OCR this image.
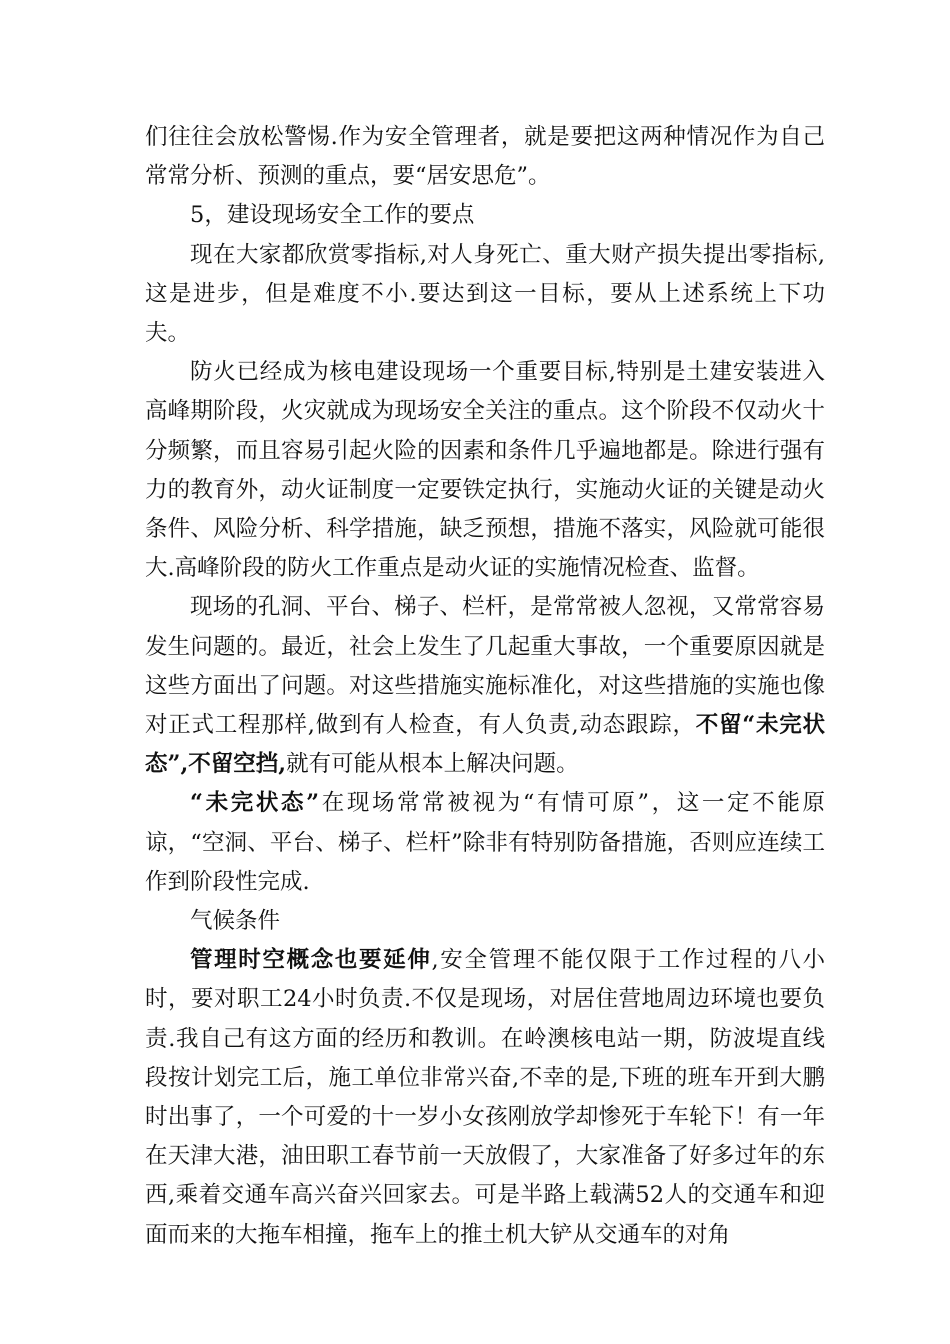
们往往会放松警惕.作为安全管理者，就是要把这两种情况作为自己常常分析、预测的重点，要“居安思危”。

5，建设现场安全工作的要点

现在大家都欣赏零指标,对人身死亡、重大财产损失提出零指标,这是进步，但是难度不小.要达到这一目标，要从上述系统上下功夫。

防火已经成为核电建设现场一个重要目标,特别是土建安装进入高峰期阶段，火灾就成为现场安全关注的重点。这个阶段不仅动火十分频繁，而且容易引起火险的因素和条件几乎遍地都是。除进行强有力的教育外，动火证制度一定要铁定执行，实施动火证的关键是动火条件、风险分析、科学措施，缺乏预想，措施不落实，风险就可能很大.高峰阶段的防火工作重点是动火证的实施情况检查、监督。

现场的孔洞、平台、梯子、栏杆，是常常被人忽视，又常常容易发生问题的。最近，社会上发生了几起重大事故，一个重要原因就是这些方面出了问题。对这些措施实施标准化，对这些措施的实施也像对正式工程那样,做到有人检查，有人负责,动态跟踪，不留“未完状态”,不留空挡,就有可能从根本上解决问题。

“未完状态”在现场常常被视为“有情可原”，这一定不能原谅，“空洞、平台、梯子、栏杆”除非有特别防备措施，否则应连续工作到阶段性完成.

气候条件

管理时空概念也要延伸,安全管理不能仅限于工作过程的八小时，要对职工24小时负责.不仅是现场，对居住营地周边环境也要负责.我自己有这方面的经历和教训。在岭澳核电站一期，防波堤直线段按计划完工后，施工单位非常兴奋,不幸的是,下班的班车开到大鹏时出事了，一个可爱的十一岁小女孩刚放学却惨死于车轮下！有一年在天津大港，油田职工春节前一天放假了，大家准备了好多过年的东西,乘着交通车高兴奋兴回家去。可是半路上载满52人的交通车和迎面而来的大拖车相撞，拖车上的推土机大铲从交通车的对角
